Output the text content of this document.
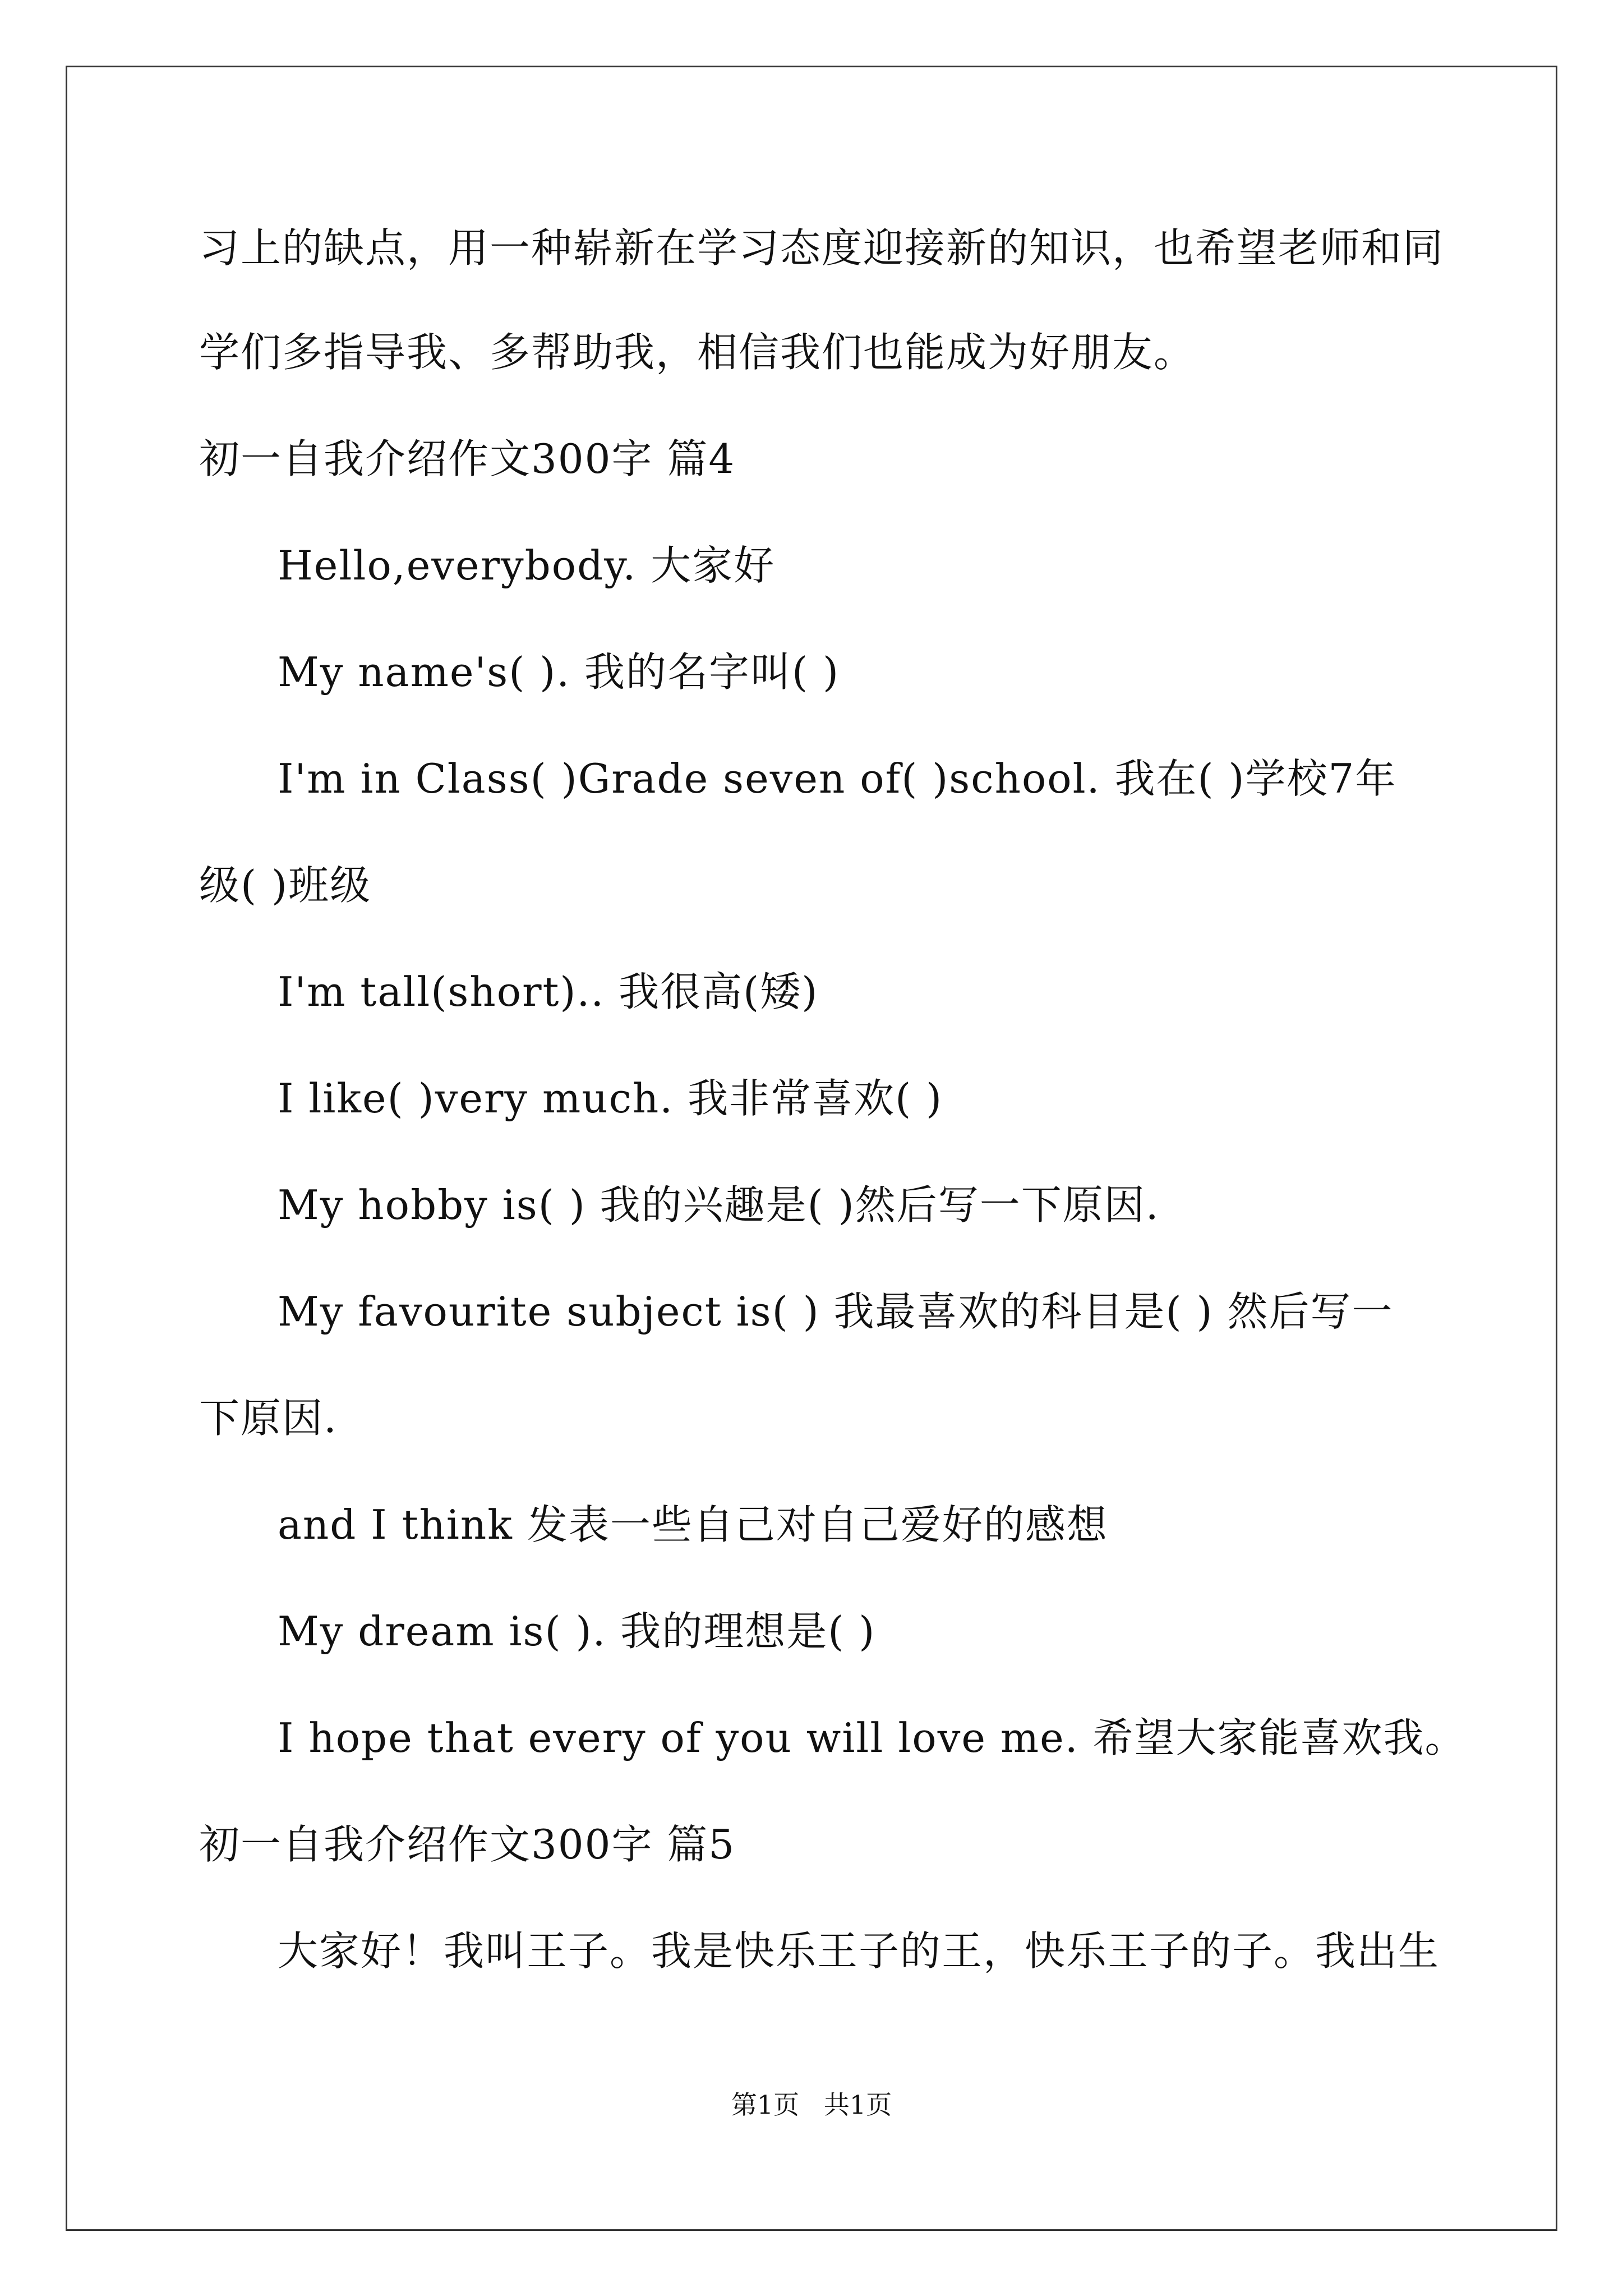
习上的缺点，用一种崭新在学习态度迎接新的知识，也希望老师和同
学们多指导我、多帮助我，相信我们也能成为好朋友。
初一自我介绍作文300字 篇4
Hello,everybody. 大家好
My name's( ). 我的名字叫( )
I'm in Class( )Grade seven of( )school. 我在( )学校7年
级( )班级
I'm tall(short).. 我很高(矮)
I like( )very much. 我非常喜欢( )
My hobby is( ) 我的兴趣是( )然后写一下原因.
My favourite subject is( ) 我最喜欢的科目是( ) 然后写一
下原因.
and I think 发表一些自己对自己爱好的感想
My dream is( ). 我的理想是( )
I hope that every of you will love me. 希望大家能喜欢我。
初一自我介绍作文300字 篇5
大家好！我叫王子。我是快乐王子的王，快乐王子的子。我出生
第1页   共1页
